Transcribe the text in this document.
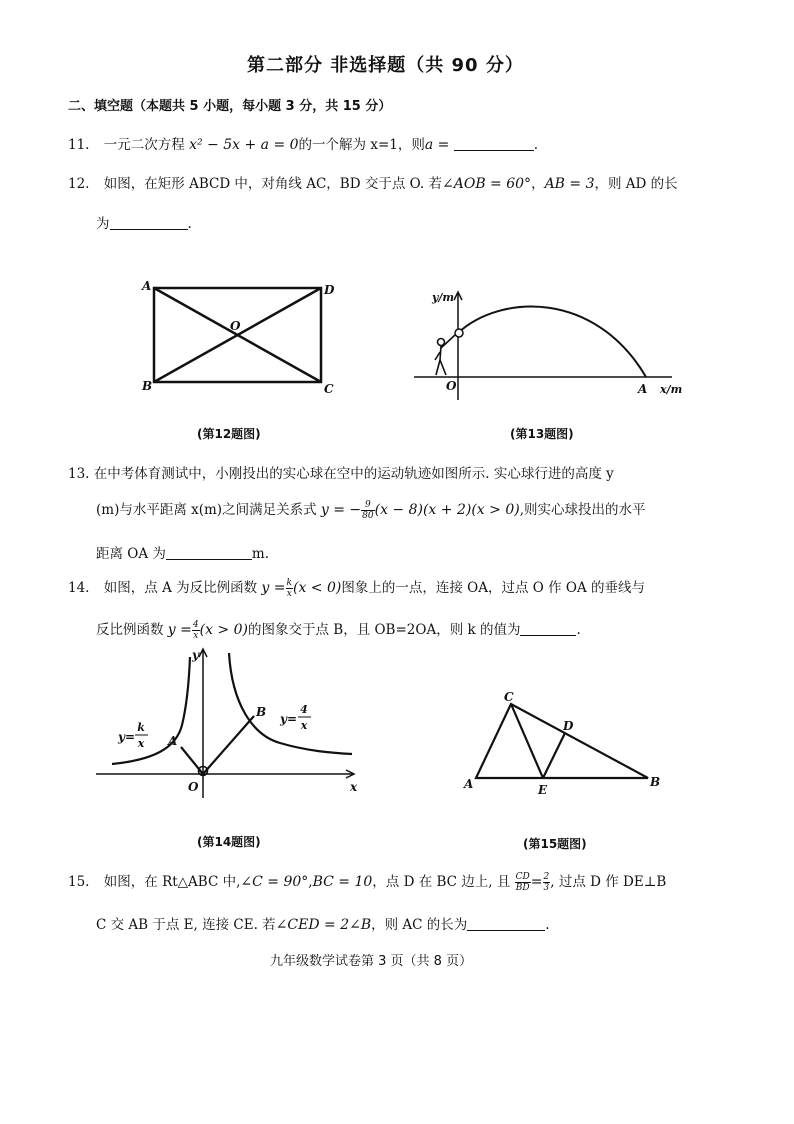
第二部分 非选择题（共 90 分）
二、填空题（本题共 5 小题，每小题 3 分，共 15 分）
11. 一元二次方程 x² − 5x + a = 0的一个解为 x=1，则a =	.
12. 如图，在矩形 ABCD 中，对角线 AC，BD 交于点 O. 若∠AOB = 60°，AB = 3，则 AD 的长
为	.
A	D
B	C
O
(第12题图)
y/m
x/m
O	A
(第13题图)
13. 在中考体育测试中，小刚投出的实心球在空中的运动轨迹如图所示. 实心球行进的高度 y
(m)与水平距离 x(m)之间满足关系式 y = − $\frac{9}{80} (x - 8)(x + 2)(x > 0)$,则实心球投出的水平
距离 OA 为	m.
14. 如图，点 A 为反比例函数 $y = \frac{k}{x} (x < 0)$图象上的一点，连接 OA，过点 O 作 OA 的垂线与
反比例函数 $y = \frac{4}{x} (x > 0)$的图象交于点 B，且 OB=2OA，则 k 的值为	.
y=
k
x
y=
4
x
A
B
O
y
x
(第14题图)
A
C
D
E
B
(第15题图)
15. 如图，在 Rt△ABC 中,∠C = 90°,BC = 10，点 D 在 BC 边上, 且 $\frac{CD}{BD} = \frac{2}{3}$ , 过点 D 作 DE⊥B
C 交 AB 于点 E, 连接 CE. 若∠CED = 2∠B，则 AC 的长为	.
九年级数学试卷第 3 页（共 8 页）
